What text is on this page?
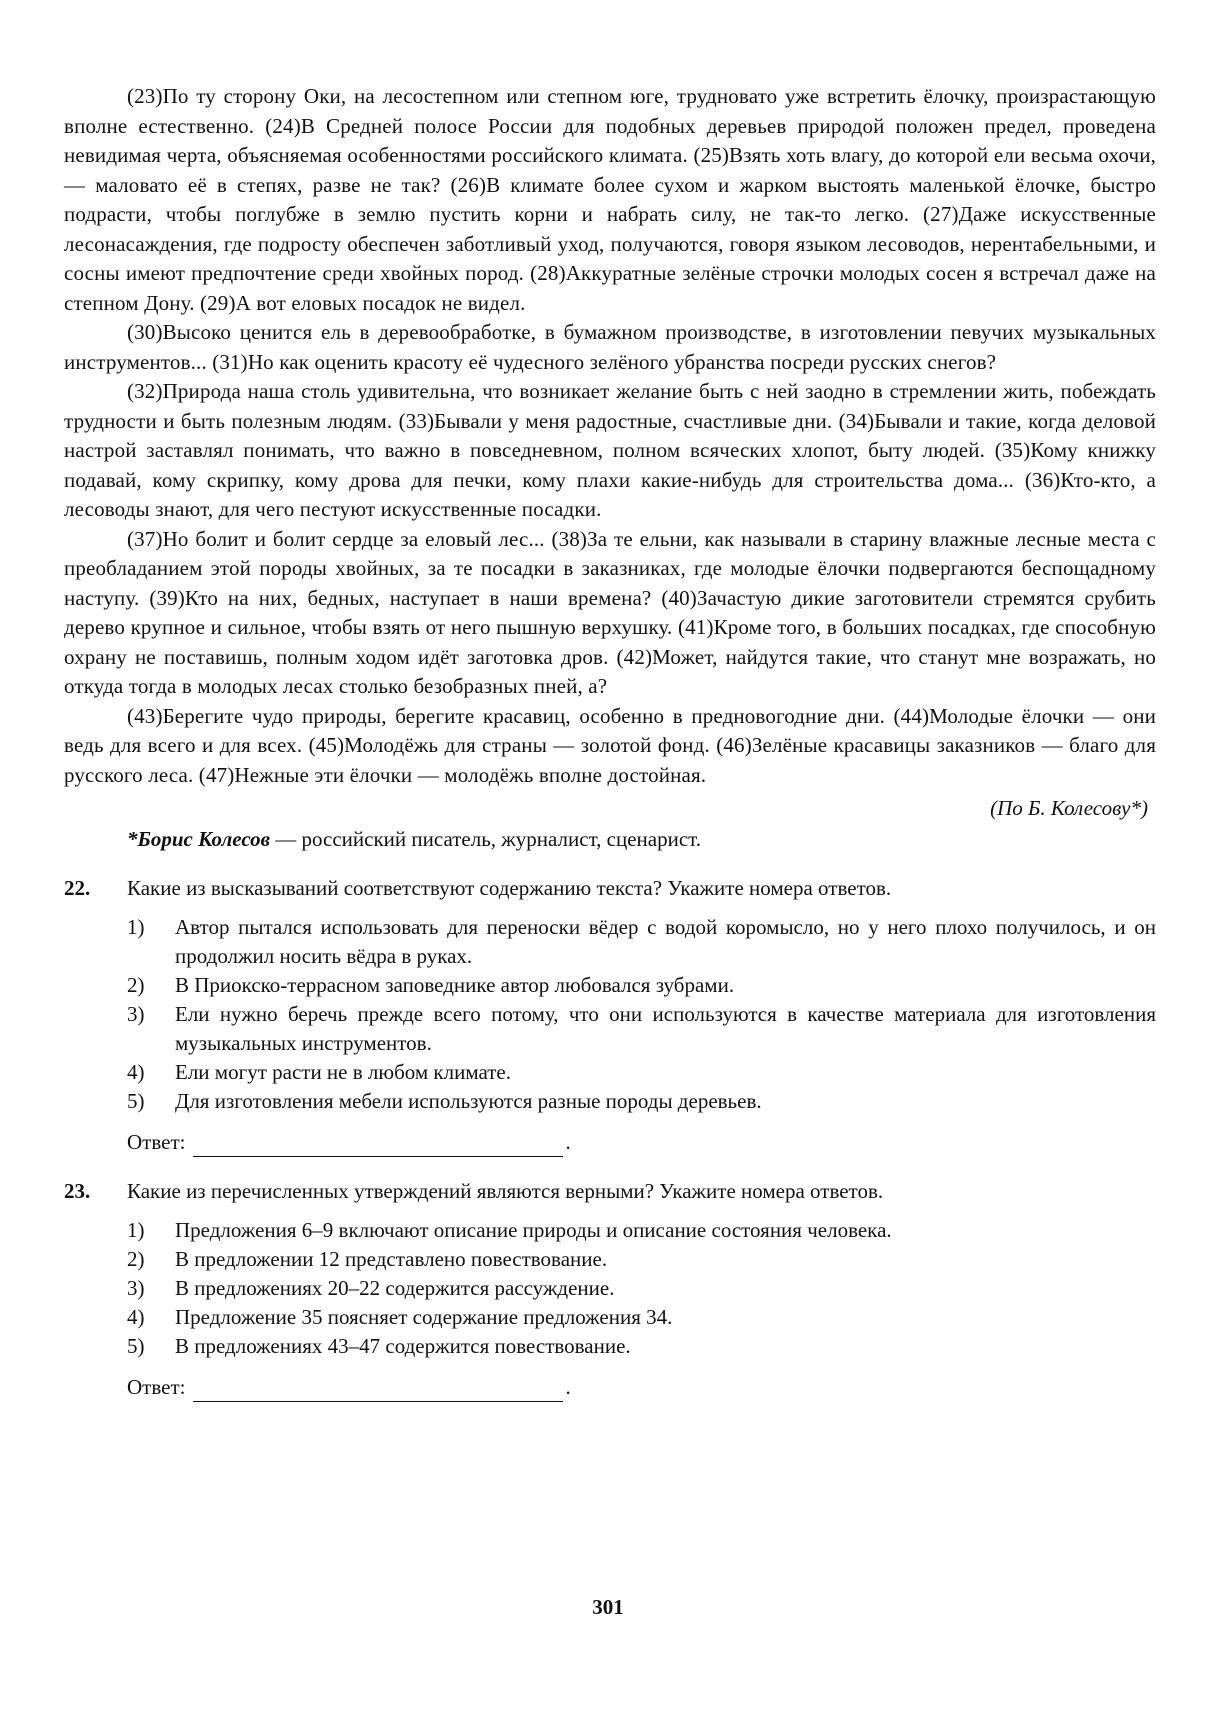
(23)По ту сторону Оки, на лесостепном или степном юге, трудновато уже встретить ёлочку, произрастающую вполне естественно. (24)В Средней полосе России для подобных деревьев природой положен предел, проведена невидимая черта, объясняемая особенностями российского климата. (25)Взять хоть влагу, до которой ели весьма охочи, — маловато её в степях, разве не так? (26)В климате более сухом и жарком выстоять маленькой ёлочке, быстро подрасти, чтобы поглубже в землю пустить корни и набрать силу, не так-то легко. (27)Даже искусственные лесонасаждения, где подросту обеспечен заботливый уход, получаются, говоря языком лесоводов, нерентабельными, и сосны имеют предпочтение среди хвойных пород. (28)Аккуратные зелёные строчки молодых сосен я встречал даже на степном Дону. (29)А вот еловых посадок не видел.

(30)Высоко ценится ель в деревообработке, в бумажном производстве, в изготовлении певучих музыкальных инструментов... (31)Но как оценить красоту её чудесного зелёного убранства посреди русских снегов?

(32)Природа наша столь удивительна, что возникает желание быть с ней заодно в стремлении жить, побеждать трудности и быть полезным людям. (33)Бывали у меня радостные, счастливые дни. (34)Бывали и такие, когда деловой настрой заставлял понимать, что важно в повседневном, полном всяческих хлопот, быту людей. (35)Кому книжку подавай, кому скрипку, кому дрова для печки, кому плахи какие-нибудь для строительства дома... (36)Кто-кто, а лесоводы знают, для чего пестуют искусственные посадки.

(37)Но болит и болит сердце за еловый лес... (38)За те ельни, как называли в старину влажные лесные места с преобладанием этой породы хвойных, за те посадки в заказниках, где молодые ёлочки подвергаются беспощадному наступу. (39)Кто на них, бедных, наступает в наши времена? (40)Зачастую дикие заготовители стремятся срубить дерево крупное и сильное, чтобы взять от него пышную верхушку. (41)Кроме того, в больших посадках, где способную охрану не поставишь, полным ходом идёт заготовка дров. (42)Может, найдутся такие, что станут мне возражать, но откуда тогда в молодых лесах столько безобразных пней, а?

(43)Берегите чудо природы, берегите красавиц, особенно в предновогодние дни. (44)Молодые ёлочки — они ведь для всего и для всех. (45)Молодёжь для страны — золотой фонд. (46)Зелёные красавицы заказников — благо для русского леса. (47)Нежные эти ёлочки — молодёжь вполне достойная.

(По Б. Колесову*)
*Борис Колесов — российский писатель, журналист, сценарист.
22.	Какие из высказываний соответствуют содержанию текста? Укажите номера ответов.
1)	Автор пытался использовать для переноски вёдер с водой коромысло, но у него плохо получилось, и он продолжил носить вёдра в руках.
2)	В Приокско-террасном заповеднике автор любовался зубрами.
3)	Ели нужно беречь прежде всего потому, что они используются в качестве материала для изготовления музыкальных инструментов.
4)	Ели могут расти не в любом климате.
5)	Для изготовления мебели используются разные породы деревьев.
Ответ:	.
23.	Какие из перечисленных утверждений являются верными? Укажите номера ответов.
1)	Предложения 6–9 включают описание природы и описание состояния человека.
2)	В предложении 12 представлено повествование.
3)	В предложениях 20–22 содержится рассуждение.
4)	Предложение 35 поясняет содержание предложения 34.
5)	В предложениях 43–47 содержится повествование.
Ответ:	.
301
